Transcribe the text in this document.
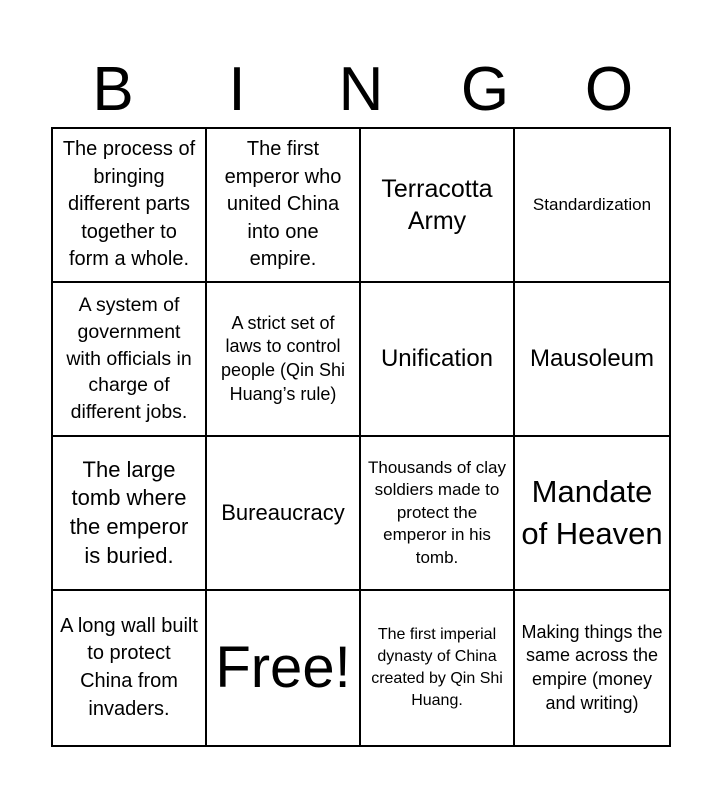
B	I	N	G	O
The process of bringing different parts together to form a whole.
The first emperor who united China into one empire.
Terracotta Army
Standardization
A system of government with officials in charge of different jobs.
A strict set of laws to control people (Qin Shi Huang’s rule)
Unification	Mausoleum
The large tomb where the emperor is buried.
Bureaucracy
Thousands of clay soldiers made to protect the emperor in his tomb.
Mandate of Heaven
A long wall built to protect China from invaders.
Free!
The first imperial dynasty of China created by Qin Shi Huang.
Making things the same across the empire (money and writing)
